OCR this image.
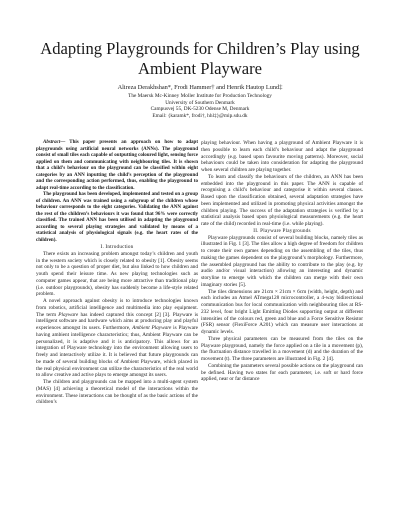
Adapting Playgrounds for Children’s Play using Ambient Playware
Alireza Derakhshan*, Frodi Hammer† and Henrik Hautop Lund‡
The Maersk Mc-Kinney Moller Institute for Production Technology
University of Southern Denmark
Campusvej 55, DK-5230 Odense M, Denmark
Email: {karamk*, frodi†, hhl‡}@mip.sdu.dk

Abstract— This paper presents an approach on how to adapt playgrounds using artificial neural networks (ANNs). The playground consist of small tiles each capable of outputting coloured light, sensing force applied on them and communicating with neighbouring tiles. It is shown that a child’s behaviour on the playground can be classified within eight categories by an ANN inputting the child’s perception of the playground and the corresponding action performed, thus, enabling the playground to adapt real-time according to the classification.

The playground has been developed, implemented and tested on a group of children. An ANN was trained using a subgroup of the children whose behaviour corresponds to the eight categories. Validating the ANN against the rest of the children’s behaviours it was found that 96% were correctly classified. The trained ANN has been utilised in adapting the playground according to several playing strategies and validated by means of a statistical analysis of physiological signals (e.g. the heart rates of the children).

I. Introduction

There exists an increasing problem amongst today’s children and youth in the western society which is closely related to obesity [1]. Obesity seems not only to be a question of proper diet, but also linked to how children and youth spend their leisure time. As new playing technologies such as computer games appear, that are being more attractive than traditional play (i.e. outdoor playgrounds), obesity has suddenly become a life-style related problem.

A novel approach against obesity is to introduce technologies known from robotics, artificial intelligence and multimedia into play equipment. The term Playware has indeed captured this concept [2] [3]. Playware is intelligent software and hardware which aims at producing play and playful experiences amongst its users. Furthermore, Ambient Playware is Playware having ambient intelligence characteristics; thus, Ambient Playware can be personalized, it is adaptive and it is anticipatory. This allows for an integration of Playware technology into the environment allowing users to freely and interactively utilize it. It is believed that future playgrounds can be made of several building blocks of Ambient Playware, which placed in the real physical environment can utilize the characteristics of the real world to allow creative and active plays to emerge amongst its users.

The children and playgrounds can be mapped into a multi-agent system (MAS) [4] achieving a theoretical model of the interactions within the environment. These interactions can be thought of as the basic actions of the children’s

playing behaviour. When having a playground of Ambient Playware it is then possible to learn each child’s behaviour and adapt the playground accordingly (e.g. based upon favourite moving patterns). Moreover, social behaviours could be taken into consideration for adapting the playground when several children are playing together.

To learn and classify the behaviours of the children, an ANN has been embedded into the playground in this paper. The ANN is capable of recognising a child’s behaviour and categorise it within several classes. Based upon the classification obtained, several adaptation strategies have been implemented and utilized in promoting physical activities amongst the children playing. The success of the adaptation strategies is verified by a statistical analysis based upon physiological measurements (e.g. the heart rate of the child) recorded in real-time (i.e. while playing).

II. Playware Playgrounds

Playware playgrounds consist of several building blocks, namely tiles as illustrated in Fig. 1 [3]. The tiles allow a high degree of freedom for children to create their own games depending on the assembling of the tiles, thus making the games dependent on the playground’s morphology. Furthermore, the assembled playground has the ability to contribute to the play (e.g. by audio and/or visual interaction) allowing an interesting and dynamic storyline to emerge with which the children can merge with their own imaginary stories [5].

The tiles dimensions are 21cm × 21cm × 6cm (width, height, depth) and each includes an Atmel ATmega128 microcontroller, a 4-way bidirectional communication bus for local communication with neighbouring tiles at RS-232 level, four bright Light Emitting Diodes supporting output at different intensities of the colours red, green and blue and a Force Sensitive Resistor (FSR) sensor (FlexiForce A201) which can measure user interactions at dynamic levels.

Three physical parameters can be measured from the tiles on the Playware playground, namely the force applied on a tile in a movement (p), the fluctuation distance travelled in a movement (d) and the duration of the movement (t). The three parameters are illustrated in Fig. 2 [4].

Combining the parameters several possible actions on the playground can be defined. Having two states for each parameter, i.e. soft or hard force applied, near or far distance
